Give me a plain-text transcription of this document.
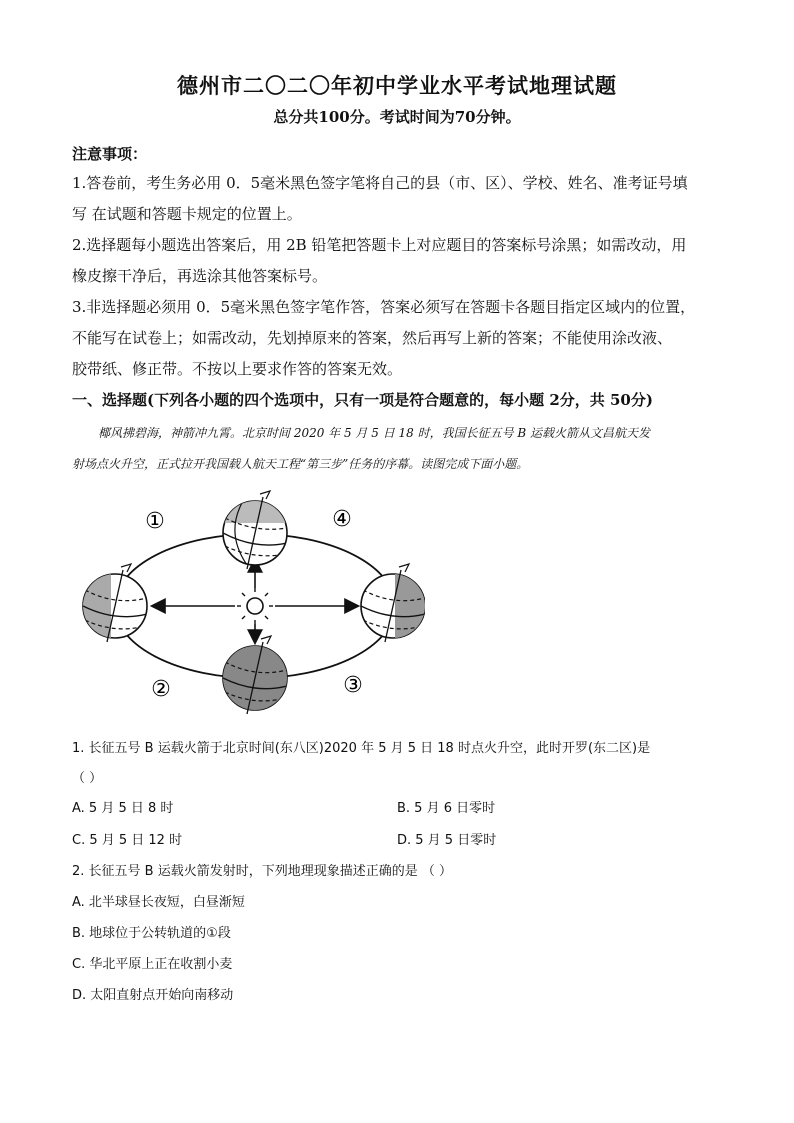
德州市二〇二〇年初中学业水平考试地理试题
总分共100分。考试时间为70分钟。
注意事项：
1.答卷前，考生务必用 0．5毫米黑色签字笔将自己的县（市、区）、学校、姓名、准考证号填
写 在试题和答题卡规定的位置上。
2.选择题每小题选出答案后，用 2B 铅笔把答题卡上对应题目的答案标号涂黑；如需改动，用
橡皮擦干净后，再选涂其他答案标号。
3.非选择题必须用 0．5毫米黑色签字笔作答，答案必须写在答题卡各题目指定区域内的位置，
不能写在试卷上；如需改动，先划掉原来的答案，然后再写上新的答案；不能使用涂改液、
胶带纸、修正带。不按以上要求作答的答案无效。
一、选择题(下列各小题的四个选项中，只有一项是符合题意的，每小题 2分，共 50分)
椰风拂碧海，神箭冲九霄。北京时间 2020 年 5 月 5 日 18 时，我国长征五号 B 运载火箭从文昌航天发
射场点火升空，正式拉开我国载人航天工程“第三步”任务的序幕。读图完成下面小题。
①	④
②	③
1. 长征五号 B 运载火箭于北京时间(东八区)2020 年 5 月 5 日 18 时点火升空，此时开罗(东二区)是
（ ）
A. 5 月 5 日 8 时	B. 5 月 6 日零时
C. 5 月 5 日 12 时	D. 5 月 5 日零时
2. 长征五号 B 运载火箭发射时，下列地理现象描述正确的是 （ ）
A. 北半球昼长夜短，白昼渐短
B. 地球位于公转轨道的①段
C. 华北平原上正在收割小麦
D. 太阳直射点开始向南移动
